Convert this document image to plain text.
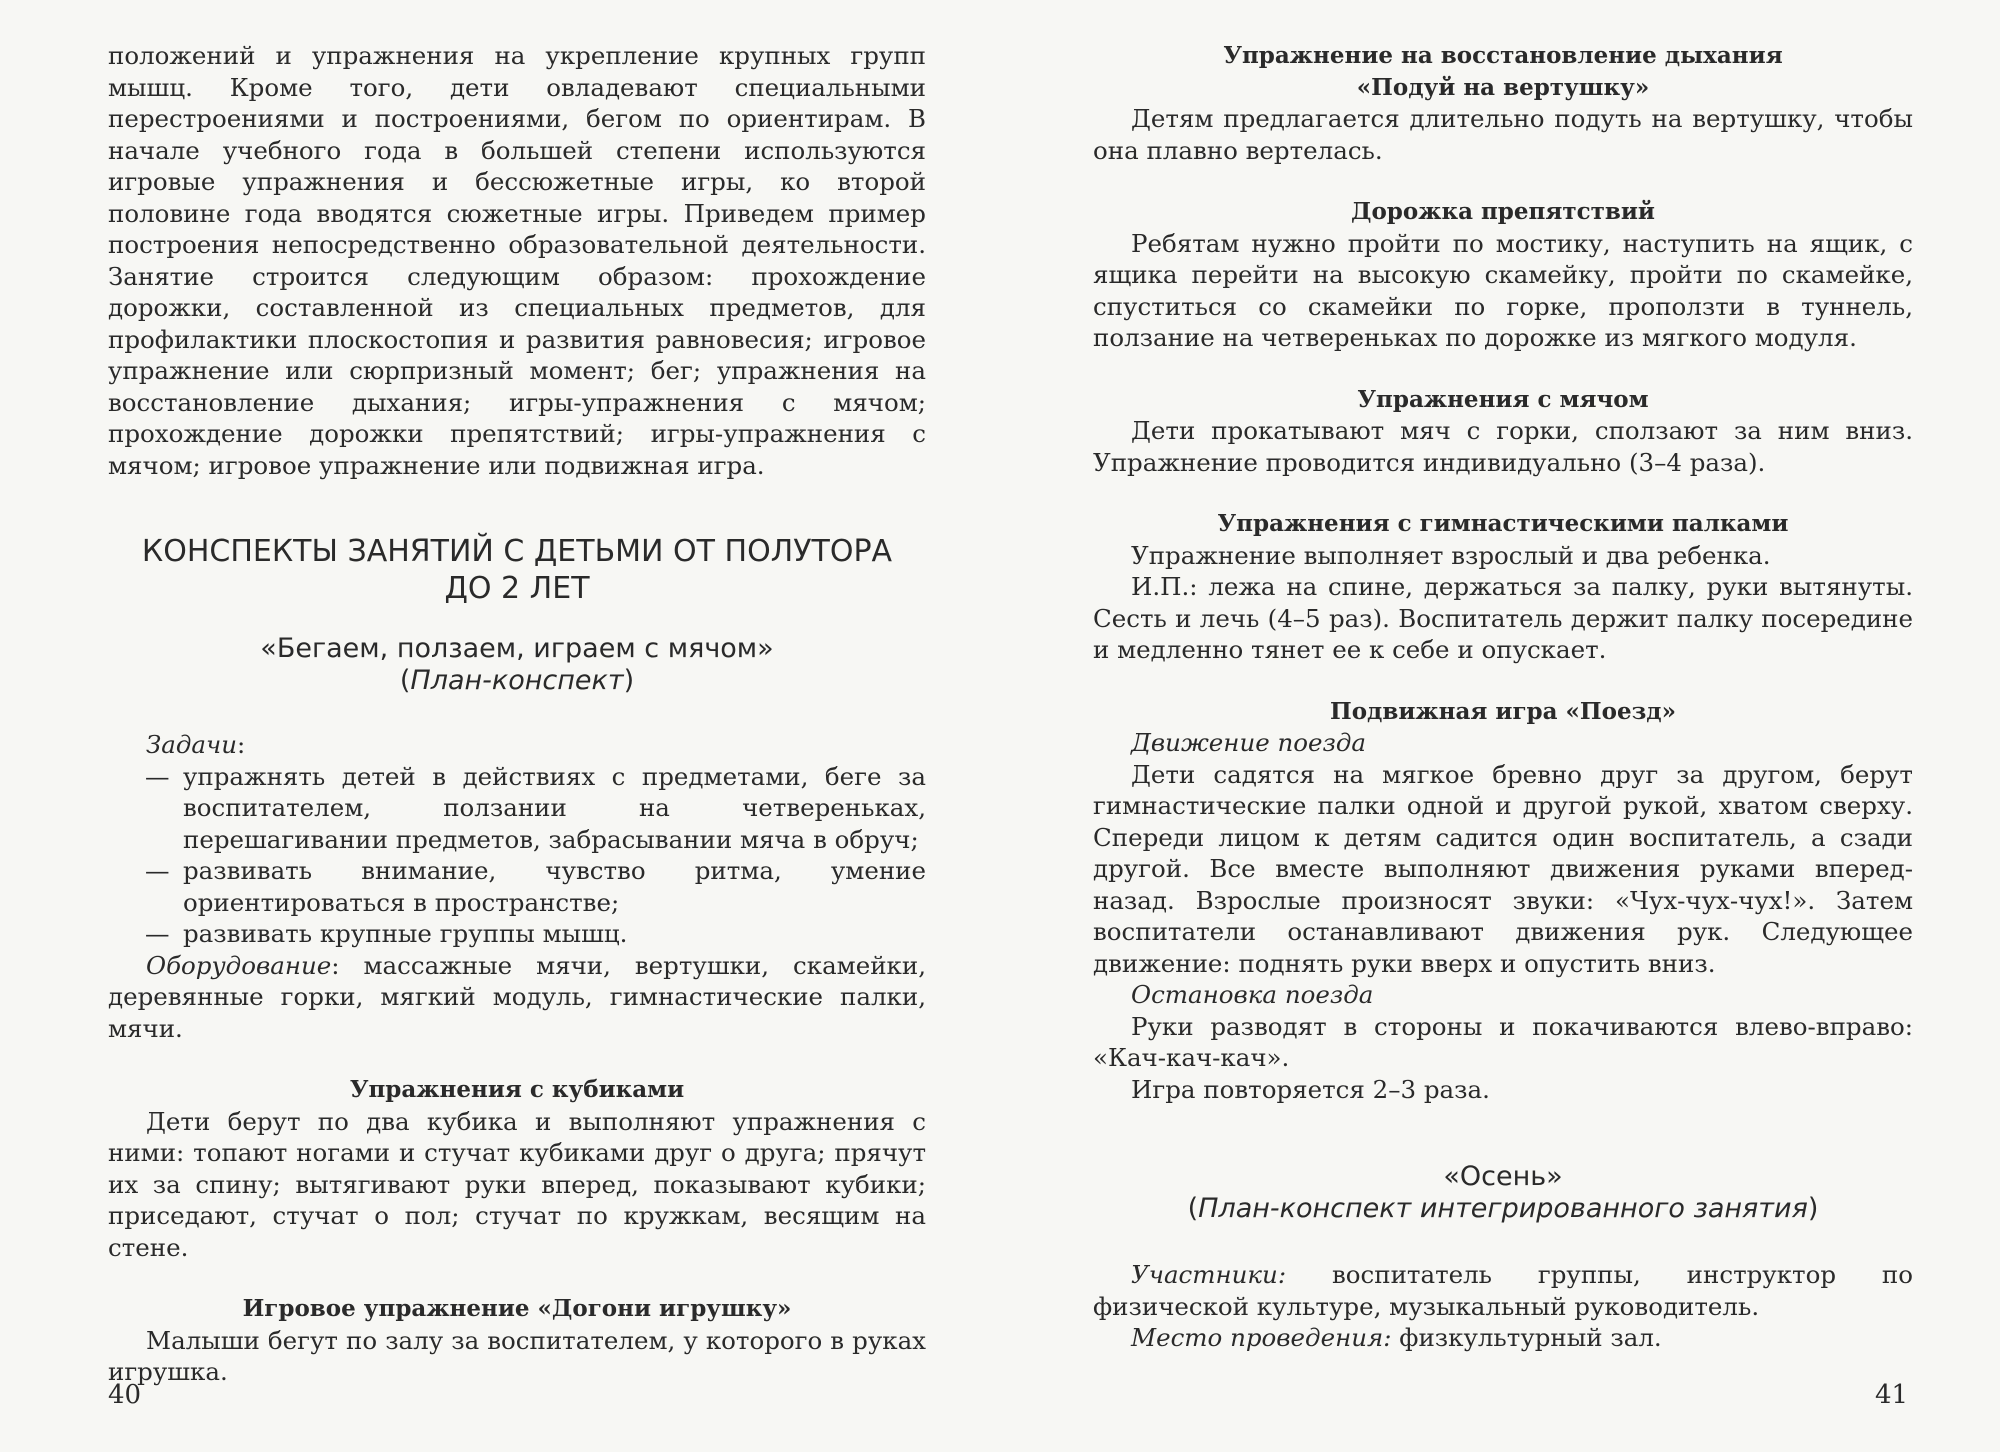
положений и упражнения на укрепление крупных групп мышц. Кроме того, дети овладевают специальными перестроениями и построениями, бегом по ориентирам. В начале учебного года в большей степени используются игровые упражнения и бессюжетные игры, ко второй половине года вводятся сюжетные игры. Приведем пример построения непосредственно образовательной деятельности. Занятие строится следующим образом: прохождение дорожки, составленной из специальных предметов, для профилактики плоскостопия и развития равновесия; игровое упражнение или сюрпризный момент; бег; упражнения на восстановление дыхания; игры-упражнения с мячом; прохождение дорожки препятствий; игры-упражнения с мячом; игровое упражнение или подвижная игра.

КОНСПЕКТЫ ЗАНЯТИЙ С ДЕТЬМИ ОТ ПОЛУТОРА
ДО 2 ЛЕТ
«Бегаем, ползаем, играем с мячом»
(План-конспект)

Задачи:

— упражнять детей в действиях с предметами, беге за воспитателем, ползании на четвереньках, перешагивании предметов, забрасывании мяча в обруч;
— развивать внимание, чувство ритма, умение ориентироваться в пространстве;
— развивать крупные группы мышц.

Оборудование: массажные мячи, вертушки, скамейки, деревянные горки, мягкий модуль, гимнастические палки, мячи.

Упражнения с кубиками

Дети берут по два кубика и выполняют упражнения с ними: топают ногами и стучат кубиками друг о друга; прячут их за спину; вытягивают руки вперед, показывают кубики; приседают, стучат о пол; стучат по кружкам, весящим на стене.

Игровое упражнение «Догони игрушку»

Малыши бегут по залу за воспитателем, у которого в руках игрушка.

40
Упражнение на восстановление дыхания
«Подуй на вертушку»

Детям предлагается длительно подуть на вертушку, чтобы она плавно вертелась.

Дорожка препятствий

Ребятам нужно пройти по мостику, наступить на ящик, с ящика перейти на высокую скамейку, пройти по скамейке, спуститься со скамейки по горке, проползти в туннель, ползание на четвереньках по дорожке из мягкого модуля.

Упражнения с мячом

Дети прокатывают мяч с горки, сползают за ним вниз. Упражнение проводится индивидуально (3–4 раза).

Упражнения с гимнастическими палками

Упражнение выполняет взрослый и два ребенка.

И.П.: лежа на спине, держаться за палку, руки вытянуты. Сесть и лечь (4–5 раз). Воспитатель держит палку посередине и медленно тянет ее к себе и опускает.

Подвижная игра «Поезд»

Движение поезда

Дети садятся на мягкое бревно друг за другом, берут гимнастические палки одной и другой рукой, хватом сверху. Спереди лицом к детям садится один воспитатель, а сзади другой. Все вместе выполняют движения руками вперед-назад. Взрослые произносят звуки: «Чух-чух-чух!». Затем воспитатели останавливают движения рук. Следующее движение: поднять руки вверх и опустить вниз.

Остановка поезда

Руки разводят в стороны и покачиваются влево-вправо: «Кач-кач-кач».

Игра повторяется 2–3 раза.

«Осень»
(План-конспект интегрированного занятия)

Участники: воспитатель группы, инструктор по физической культуре, музыкальный руководитель.

Место проведения: физкультурный зал.

41
